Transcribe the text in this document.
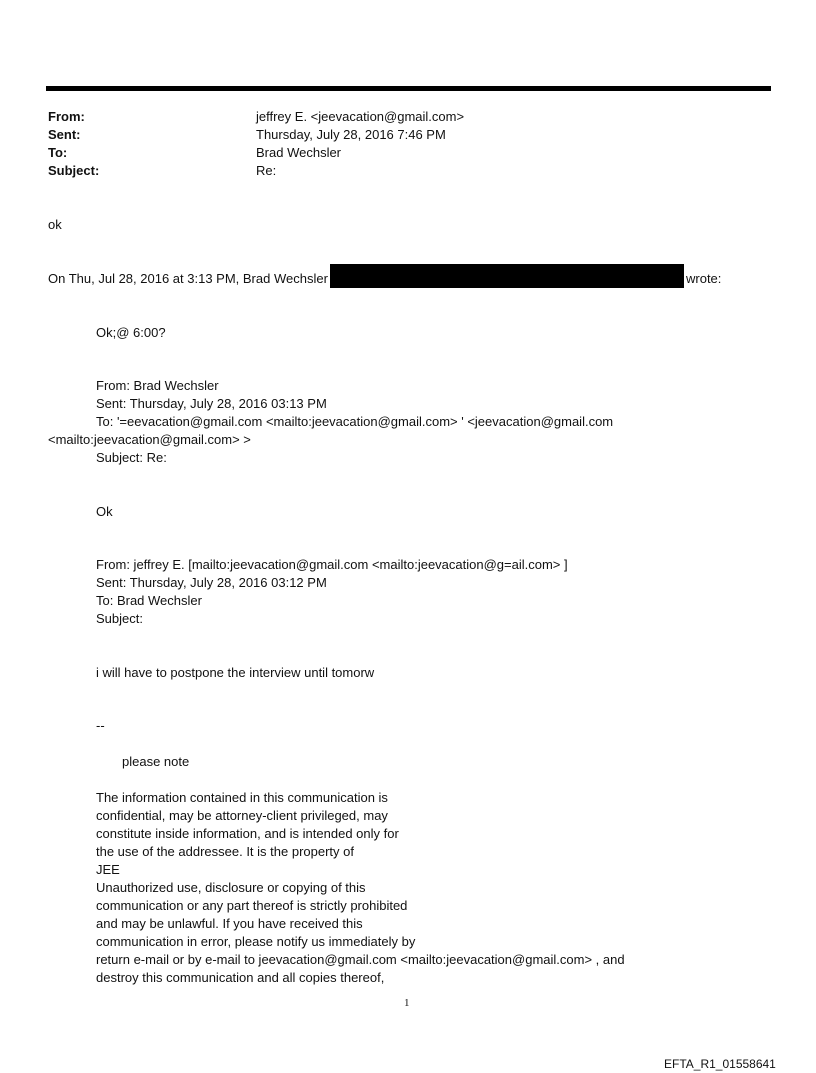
From:	jeffrey E. <jeevacation@gmail.com>
Sent:	Thursday, July 28, 2016 7:46 PM
To:	Brad Wechsler
Subject:	Re:
ok
On Thu, Jul 28, 2016 at 3:13 PM, Brad Wechsler	wrote:
Ok;@ 6:00?
From: Brad Wechsler
Sent: Thursday, July 28, 2016 03:13 PM
To: '=eevacation@gmail.com <mailto:jeevacation@gmail.com> ' <jeevacation@gmail.com
<mailto:jeevacation@gmail.com> >
Subject: Re:
Ok
From: jeffrey E. [mailto:jeevacation@gmail.com <mailto:jeevacation@g=ail.com> ]
Sent: Thursday, July 28, 2016 03:12 PM
To: Brad Wechsler
Subject:
i will have to postpone the interview until tomorw
--
please note
The information contained in this communication is
confidential, may be attorney-client privileged, may
constitute inside information, and is intended only for
the use of the addressee. It is the property of
JEE
Unauthorized use, disclosure or copying of this
communication or any part thereof is strictly prohibited
and may be unlawful. If you have received this
communication in error, please notify us immediately by
return e-mail or by e-mail to jeevacation@gmail.com <mailto:jeevacation@gmail.com> , and
destroy this communication and all copies thereof,
1
EFTA_R1_01558641
